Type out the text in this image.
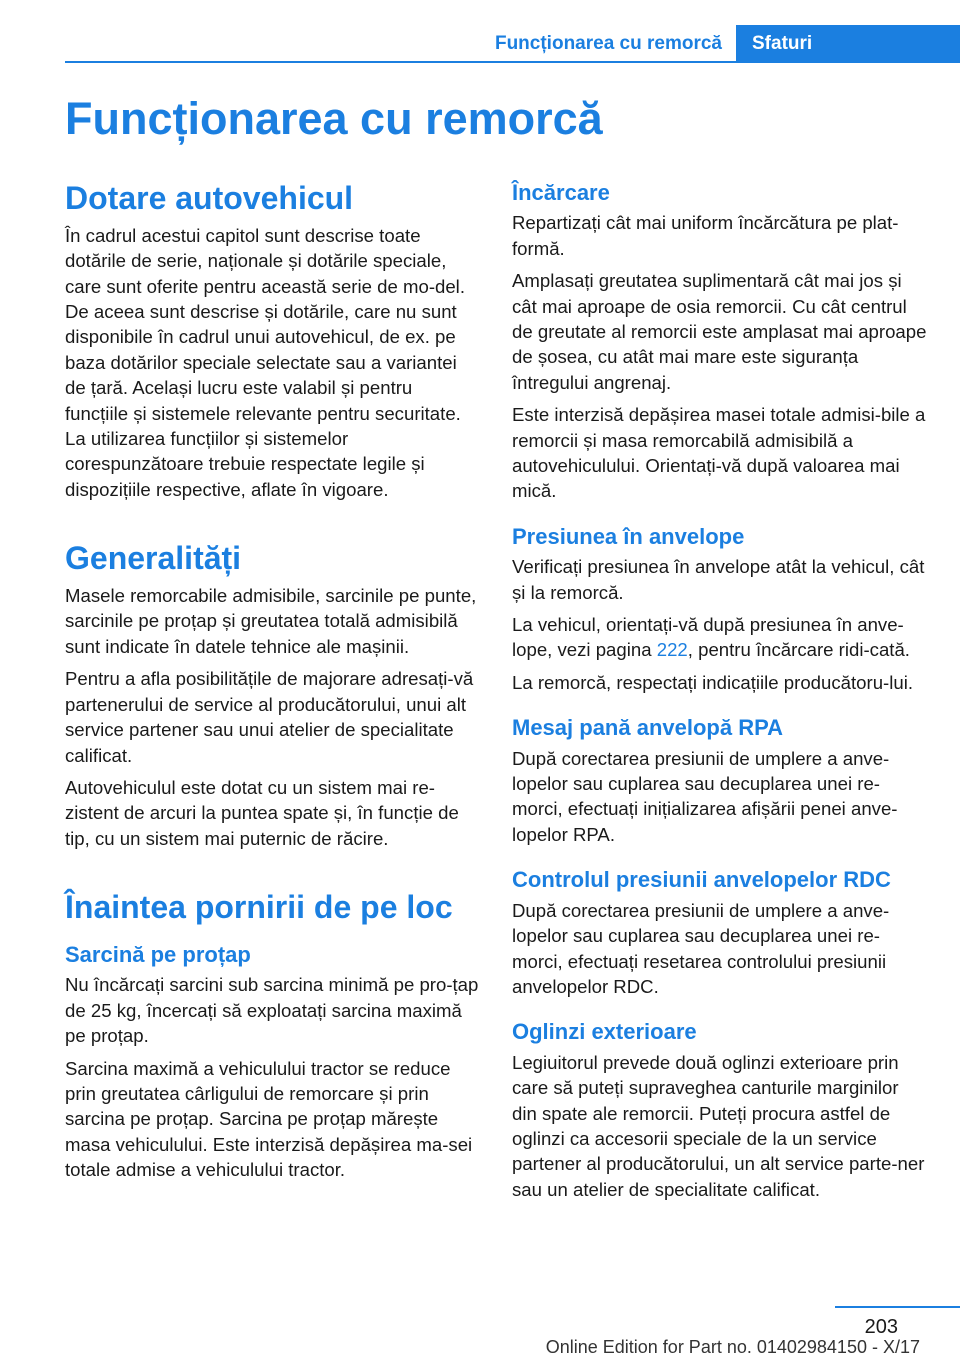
Funcționarea cu remorcă	Sfaturi
Funcționarea cu remorcă
Dotare autovehicul

În cadrul acestui capitol sunt descrise toate dotările de serie, naționale și dotările speciale, care sunt oferite pentru această serie de mo-del. De aceea sunt descrise și dotările, care nu sunt disponibile în cadrul unui autovehicul, de ex. pe baza dotărilor speciale selectate sau a variantei de țară. Același lucru este valabil și pentru funcțiile și sistemele relevante pentru securitate. La utilizarea funcțiilor și sistemelor corespunzătoare trebuie respectate legile și dispozițiile respective, aflate în vigoare.

Generalități

Masele remorcabile admisibile, sarcinile pe punte, sarcinile pe proțap și greutatea totală admisibilă sunt indicate în datele tehnice ale mașinii.

Pentru a afla posibilitățile de majorare adresați-vă partenerului de service al producătorului, unui alt service partener sau unui atelier de specialitate calificat.

Autovehiculul este dotat cu un sistem mai re-zistent de arcuri la puntea spate și, în funcție de tip, cu un sistem mai puternic de răcire.

Înaintea pornirii de pe loc
Sarcină pe proțap

Nu încărcați sarcini sub sarcina minimă pe pro-țap de 25 kg, încercați să exploatați sarcina maximă pe proțap.

Sarcina maximă a vehiculului tractor se reduce prin greutatea cârligului de remorcare și prin sarcina pe proțap. Sarcina pe proțap mărește masa vehiculului. Este interzisă depășirea ma-sei totale admise a vehiculului tractor.

Încărcare

Repartizați cât mai uniform încărcătura pe plat-formă.

Amplasați greutatea suplimentară cât mai jos și cât mai aproape de osia remorcii. Cu cât centrul de greutate al remorcii este amplasat mai aproape de șosea, cu atât mai mare este siguranța întregului angrenaj.

Este interzisă depășirea masei totale admisi-bile a remorcii și masa remorcabilă admisibilă a autovehiculului. Orientați-vă după valoarea mai mică.

Presiunea în anvelope

Verificați presiunea în anvelope atât la vehicul, cât și la remorcă.

La vehicul, orientați-vă după presiunea în anve-lope, vezi pagina 222, pentru încărcare ridi-cată.

La remorcă, respectați indicațiile producătoru-lui.

Mesaj pană anvelopă RPA

După corectarea presiunii de umplere a anve-lopelor sau cuplarea sau decuplarea unei re-morci, efectuați inițializarea afișării penei anve-lopelor RPA.

Controlul presiunii anvelopelor RDC

După corectarea presiunii de umplere a anve-lopelor sau cuplarea sau decuplarea unei re-morci, efectuați resetarea controlului presiunii anvelopelor RDC.

Oglinzi exterioare

Legiuitorul prevede două oglinzi exterioare prin care să puteți supraveghea canturile marginilor din spate ale remorcii. Puteți procura astfel de oglinzi ca accesorii speciale de la un service partener al producătorului, un alt service parte-ner sau un atelier de specialitate calificat.

203
Online Edition for Part no. 01402984150 - X/17
